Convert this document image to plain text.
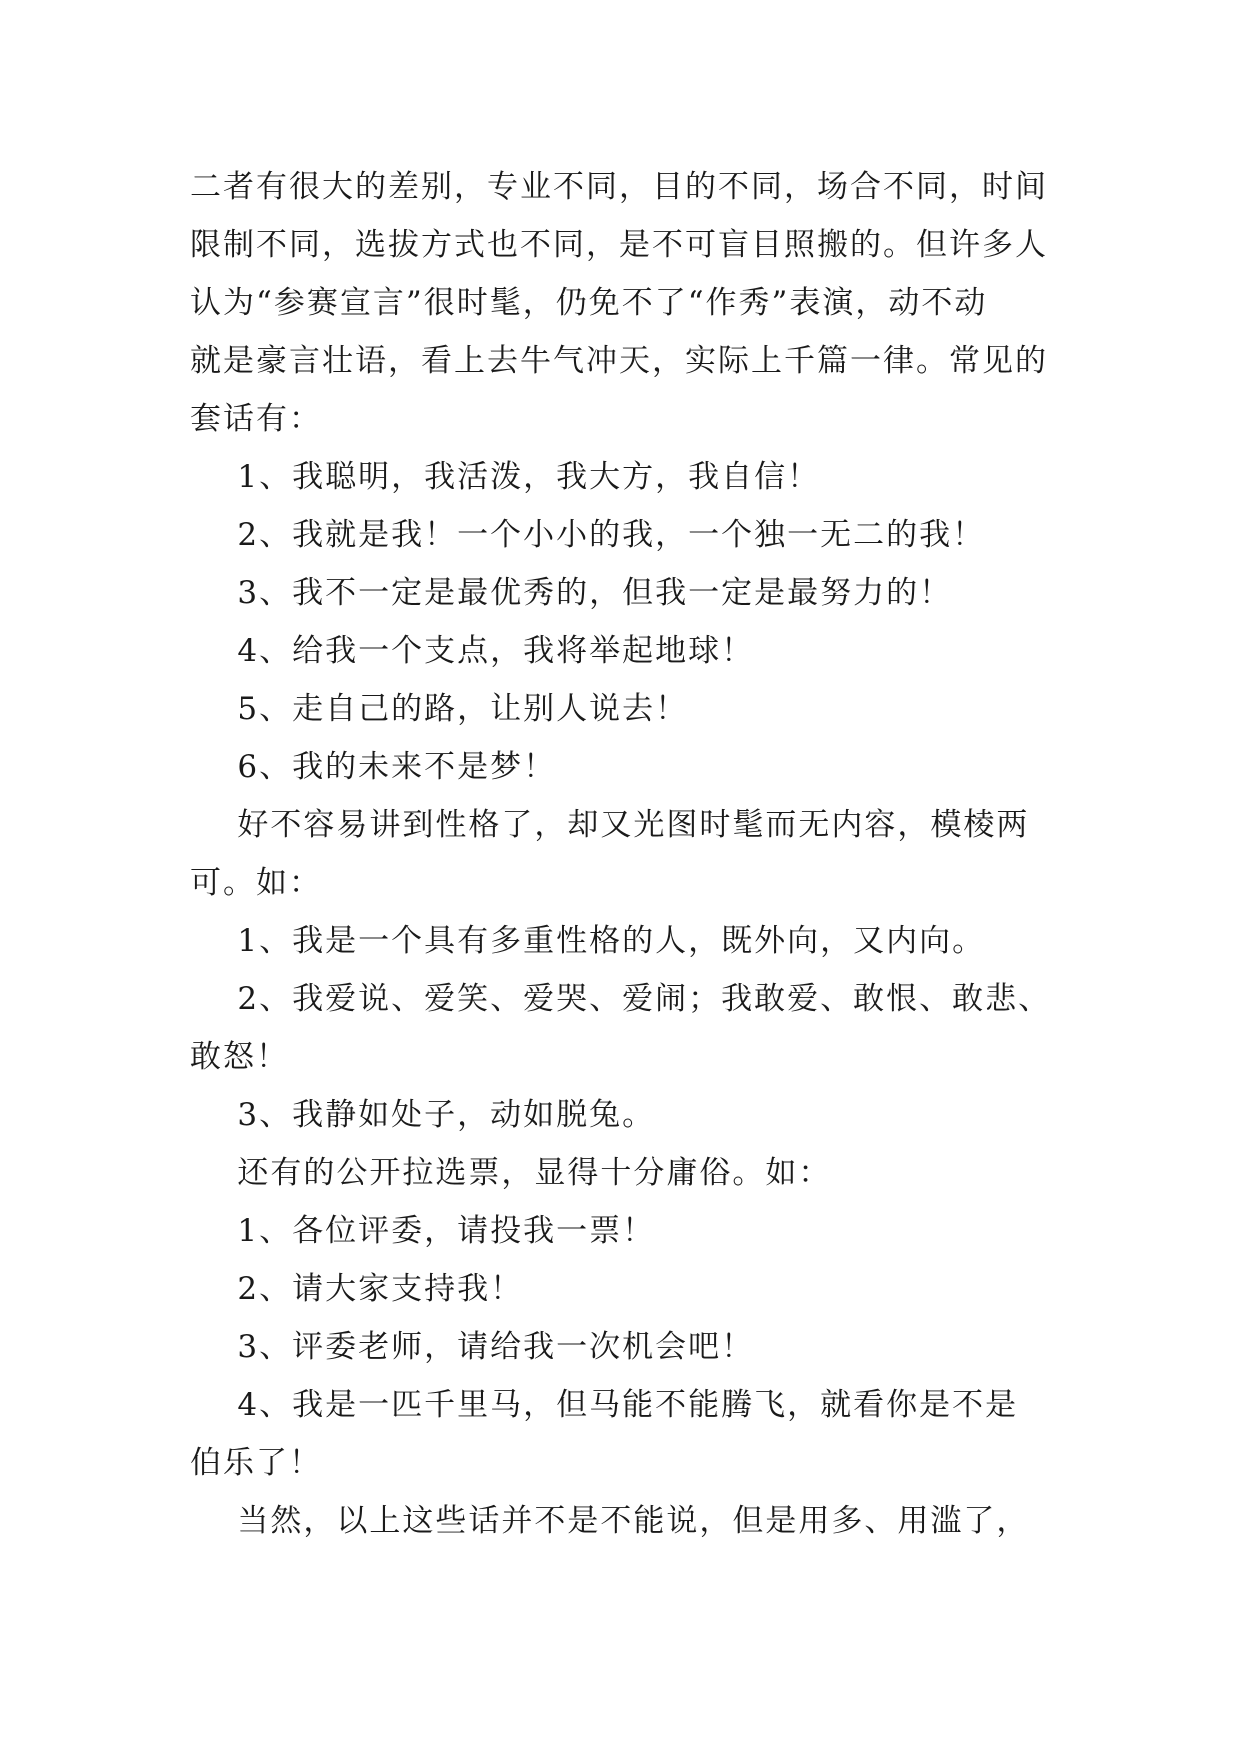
二者有很大的差别，专业不同，目的不同，场合不同，时间
限制不同，选拔方式也不同，是不可盲目照搬的。但许多人
认为“参赛宣言”很时髦，仍免不了“作秀”表演，动不动
就是豪言壮语，看上去牛气冲天，实际上千篇一律。常见的
套话有：
1、我聪明，我活泼，我大方，我自信！
2、我就是我！一个小小的我，一个独一无二的我！
3、我不一定是最优秀的，但我一定是最努力的！
4、给我一个支点，我将举起地球！
5、走自己的路，让别人说去！
6、我的未来不是梦！
好不容易讲到性格了，却又光图时髦而无内容，模棱两
可。如：
1、我是一个具有多重性格的人，既外向，又内向。
2、我爱说、爱笑、爱哭、爱闹；我敢爱、敢恨、敢悲、
敢怒！
3、我静如处子，动如脱兔。
还有的公开拉选票，显得十分庸俗。如：
1、各位评委，请投我一票！
2、请大家支持我！
3、评委老师，请给我一次机会吧！
4、我是一匹千里马，但马能不能腾飞，就看你是不是
伯乐了！
当然，以上这些话并不是不能说，但是用多、用滥了，
